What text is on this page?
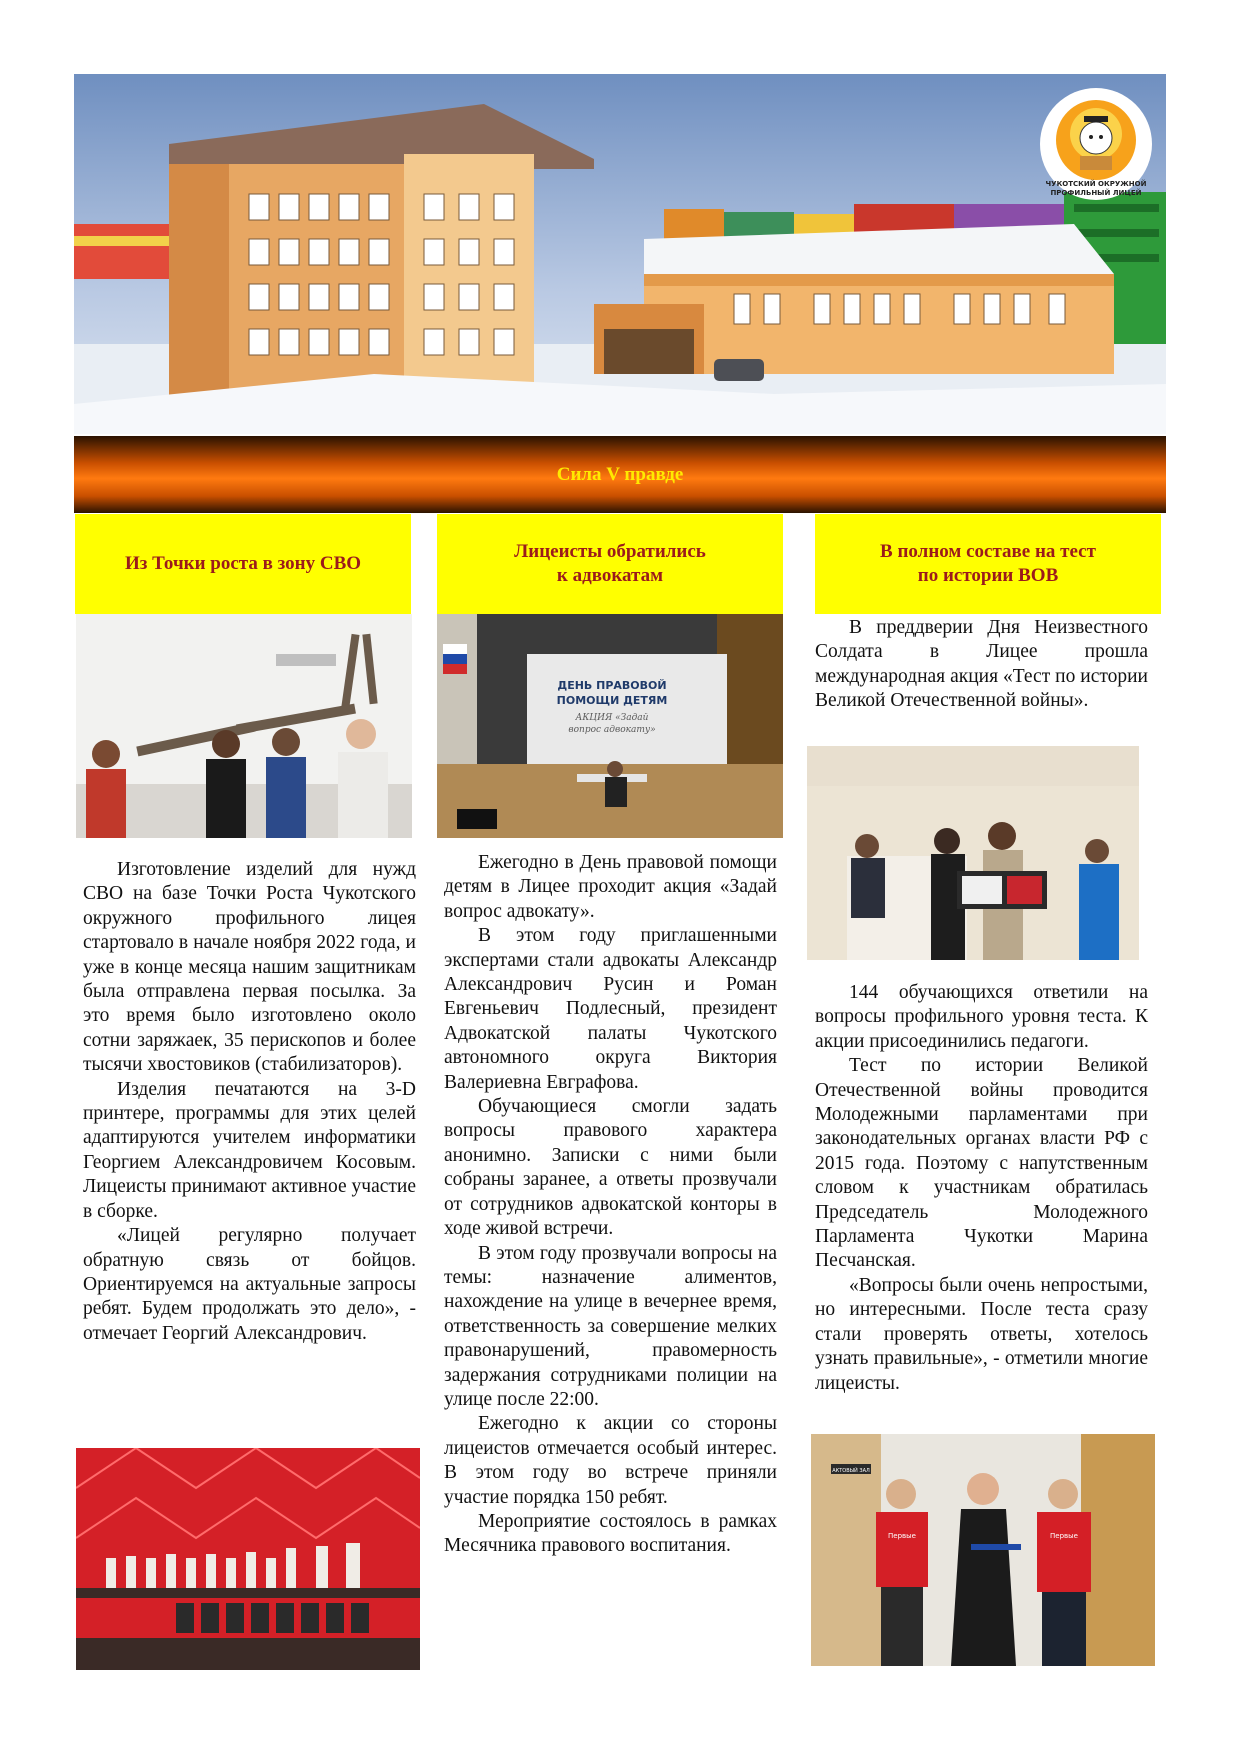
ЧУКОТСКИЙ ОКРУЖНОЙ
ПРОФИЛЬНЫЙ ЛИЦЕЙ
Сила V правде
Из Точки роста в зону СВО
Лицеисты обратились
к адвокатам
В полном составе на тест
по истории ВОВ
ДЕНЬ ПРАВОВОЙ
ПОМОЩИ ДЕТЯМ
АКЦИЯ «Задай
вопрос адвокату»

Изготовление изделий для нужд СВО на базе Точки Роста Чукотского окружного профильного лицея стартовало в начале ноября 2022 года, и уже в конце месяца нашим защитникам была отправлена первая посылка. За это время было изготовлено около сотни заряжаек, 35 перископов и более тысячи хвостовиков (стабилизаторов).

Изделия печатаются на 3-D принтере, программы для этих целей адаптируются учителем информатики Георгием Александровичем Косовым. Лицеисты принимают активное участие в сборке.

«Лицей регулярно получает обратную связь от бойцов. Ориентируемся на актуальные запросы ребят. Будем продолжать это дело», - отмечает Георгий Александрович.

Ежегодно в День правовой помощи детям в Лицее проходит акция «Задай вопрос адвокату».

В этом году приглашенными экспертами стали адвокаты Александр Александрович Русин и Роман Евгеньевич Подлесный, президент Адвокатской палаты Чукотского автономного округа Виктория Валериевна Евграфова.

Обучающиеся смогли задать вопросы правового характера анонимно. Записки с ними были собраны заранее, а ответы прозвучали от сотрудников адвокатской конторы в ходе живой встречи.

В этом году прозвучали вопросы на темы: назначение алиментов, нахождение на улице в вечернее время, ответственность за совершение мелких правонарушений, правомерность задержания сотрудниками полиции на улице после 22:00.

Ежегодно к акции со стороны лицеистов отмечается особый интерес. В этом году во встрече приняли участие порядка 150 ребят.

Мероприятие состоялось в рамках Месячника правового воспитания.

В преддверии Дня Неизвестного Солдата в Лицее прошла международная акция «Тест по истории Великой Отечественной войны».

144 обучающихся ответили на вопросы профильного уровня теста. К акции присоединились педагоги.

Тест по истории Великой Отечественной войны проводится Молодежными парламентами при законодательных органах власти РФ с 2015 года. Поэтому с напутственным словом к участникам обратилась Председатель Молодежного Парламента Чукотки Марина Песчанская.

«Вопросы были очень непростыми, но интересными. После теста сразу стали проверять ответы, хотелось узнать правильные», - отметили многие лицеисты.

АКТОВЫЙ ЗАЛ
Первые	Первые
